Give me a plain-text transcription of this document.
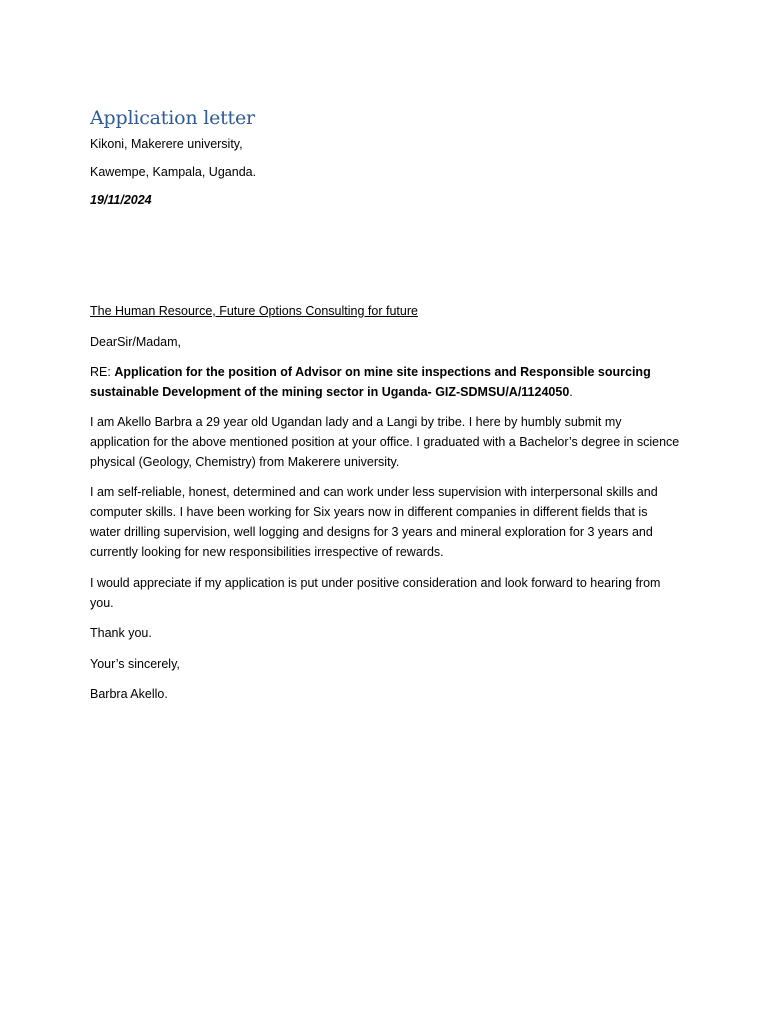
Application letter
Kikoni, Makerere university,
Kawempe, Kampala, Uganda.
19/11/2024
The Human Resource, Future Options Consulting for future
DearSir/Madam,
RE: Application for the position of Advisor on mine site inspections and Responsible sourcing sustainable Development of the mining sector in Uganda- GIZ-SDMSU/A/1124050.
I am Akello Barbra a 29 year old Ugandan lady and a Langi by tribe. I here by humbly submit my application for the above mentioned position at your office. I graduated with a Bachelor’s degree in science physical (Geology, Chemistry) from Makerere university.
I am self-reliable, honest, determined and can work under less supervision with interpersonal skills and computer skills. I have been working for Six years now in different companies in different fields that is water drilling supervision, well logging and designs for 3 years and mineral exploration for 3 years and currently looking for new responsibilities irrespective of rewards.
I would appreciate if my application is put under positive consideration and look forward to hearing from you.
Thank you.
Your’s sincerely,
Barbra Akello.
